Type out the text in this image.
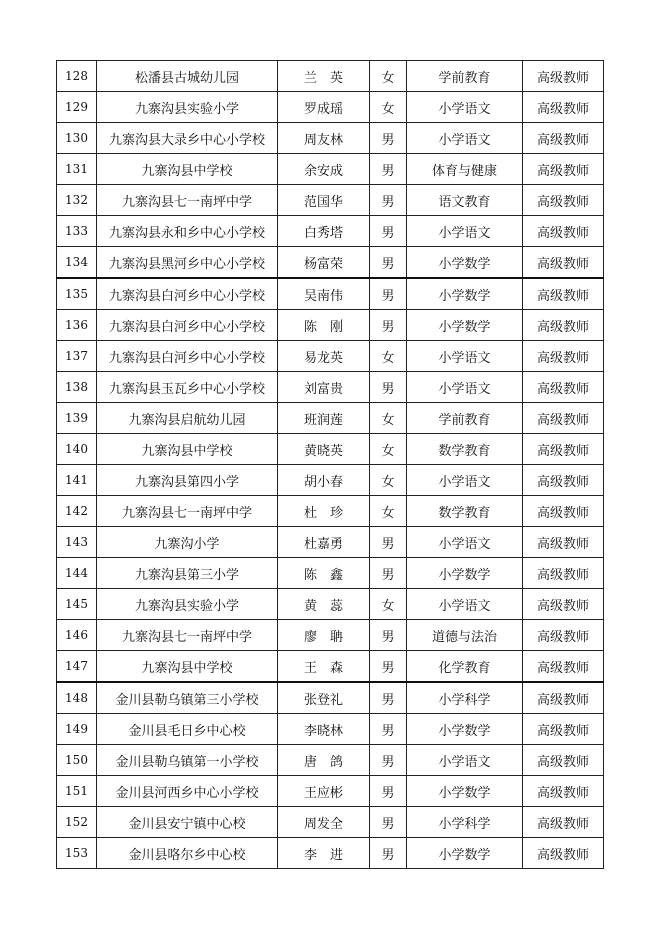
128	松潘县古城幼儿园	兰　英	女	学前教育	高级教师
129	九寨沟县实验小学	罗成瑶	女	小学语文	高级教师
130	九寨沟县大录乡中心小学校	周友林	男	小学语文	高级教师
131	九寨沟县中学校	余安成	男	体育与健康	高级教师
132	九寨沟县七一南坪中学	范国华	男	语文教育	高级教师
133	九寨沟县永和乡中心小学校	白秀塔	男	小学语文	高级教师
134	九寨沟县黑河乡中心小学校	杨富荣	男	小学数学	高级教师
135	九寨沟县白河乡中心小学校	吴南伟	男	小学数学	高级教师
136	九寨沟县白河乡中心小学校	陈　刚	男	小学数学	高级教师
137	九寨沟县白河乡中心小学校	易龙英	女	小学语文	高级教师
138	九寨沟县玉瓦乡中心小学校	刘富贵	男	小学语文	高级教师
139	九寨沟县启航幼儿园	班润莲	女	学前教育	高级教师
140	九寨沟县中学校	黄晓英	女	数学教育	高级教师
141	九寨沟县第四小学	胡小春	女	小学语文	高级教师
142	九寨沟县七一南坪中学	杜　珍	女	数学教育	高级教师
143	九寨沟小学	杜嘉勇	男	小学语文	高级教师
144	九寨沟县第三小学	陈　鑫	男	小学数学	高级教师
145	九寨沟县实验小学	黄　蕊	女	小学语文	高级教师
146	九寨沟县七一南坪中学	廖　聃	男	道德与法治	高级教师
147	九寨沟县中学校	王　森	男	化学教育	高级教师
148	金川县勒乌镇第三小学校	张登礼	男	小学科学	高级教师
149	金川县毛日乡中心校	李晓林	男	小学数学	高级教师
150	金川县勒乌镇第一小学校	唐　鸽	男	小学语文	高级教师
151	金川县河西乡中心小学校	王应彬	男	小学数学	高级教师
152	金川县安宁镇中心校	周发全	男	小学科学	高级教师
153	金川县咯尔乡中心校	李　进	男	小学数学	高级教师
